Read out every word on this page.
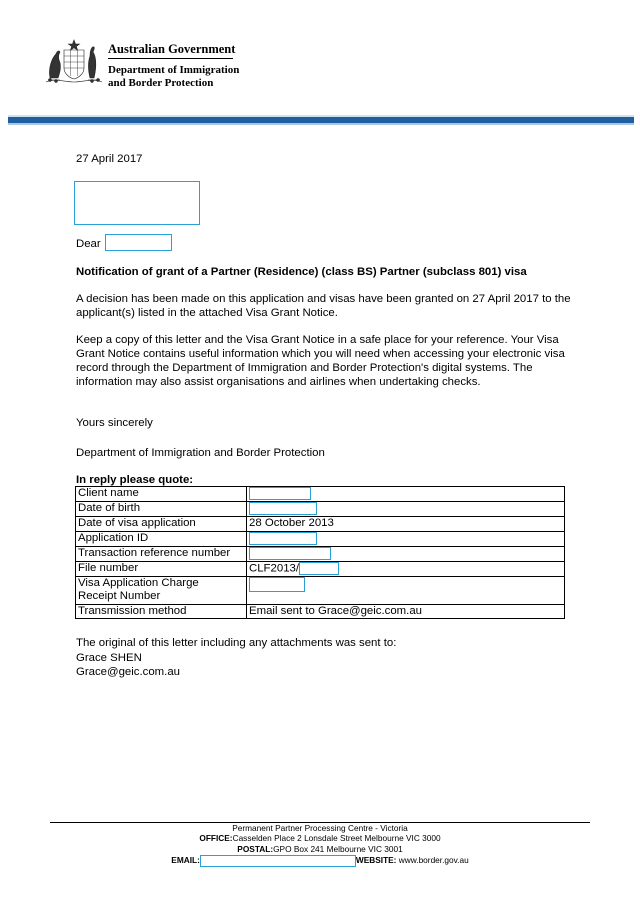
Australian Government
Department of Immigration
and Border Protection
27 April 2017
Dear
Notification of grant of a Partner (Residence) (class BS) Partner (subclass 801) visa
A decision has been made on this application and visas have been granted on 27 April 2017 to the applicant(s) listed in the attached Visa Grant Notice.
Keep a copy of this letter and the Visa Grant Notice in a safe place for your reference. Your Visa Grant Notice contains useful information which you will need when accessing your electronic visa record through the Department of Immigration and Border Protection's digital systems. The information may also assist organisations and airlines when undertaking checks.
Yours sincerely
Department of Immigration and Border Protection
In reply please quote:
Client name	
Date of birth	
Date of visa application	28 October 2013
Application ID	
Transaction reference number	
File number	CLF2013/

Visa Application Charge
Receipt Number	

Transmission method	Email sent to Grace@geic.com.au
The original of this letter including any attachments was sent to:
Grace SHEN
Grace@geic.com.au
Permanent Partner Processing Centre - Victoria
OFFICE:Casselden Place 2 Lonsdale Street Melbourne VIC 3000
POSTAL:GPO Box 241 Melbourne VIC 3001
EMAIL:	WEBSITE: www.border.gov.au
